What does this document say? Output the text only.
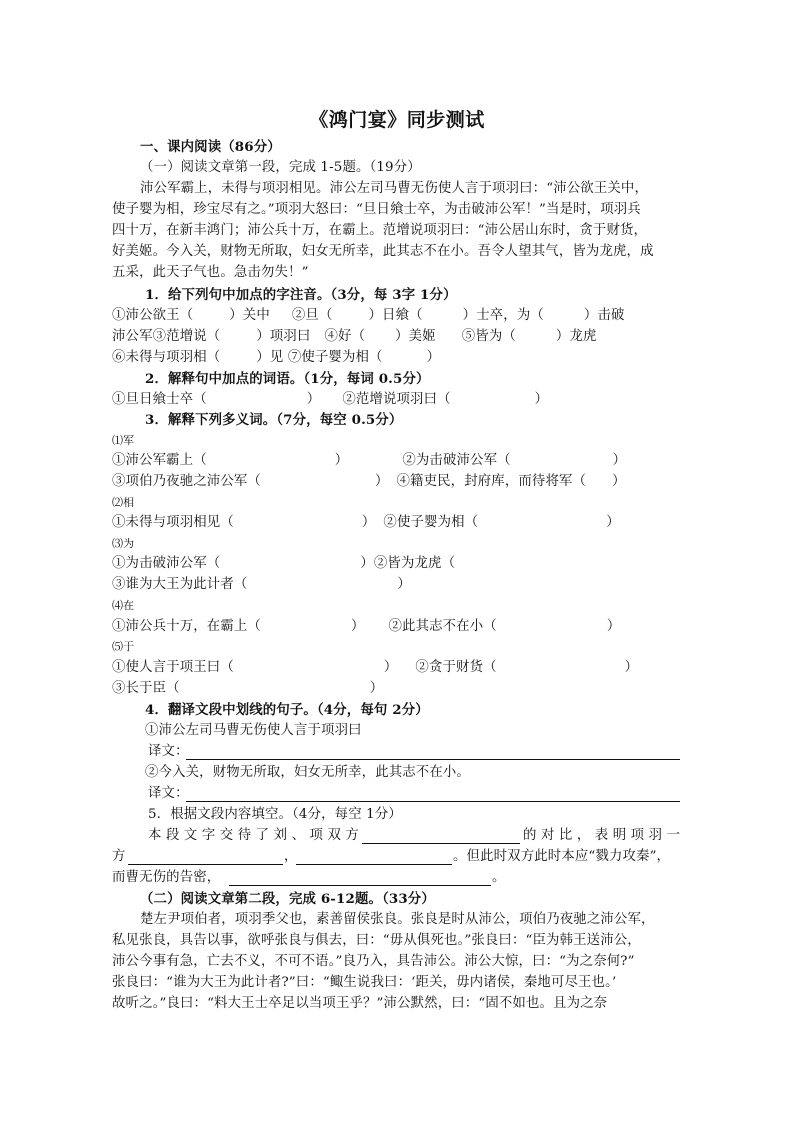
《鸿门宴》同步测试
一、课内阅读（86分）
（一）阅读文章第一段，完成 1-5题。（19分）
沛公军霸上，未得与项羽相见。沛公左司马曹无伤使人言于项羽曰：“沛公欲王关中，
使子婴为相，珍宝尽有之。”项羽大怒曰：“旦日飨士卒，为击破沛公军！”当是时，项羽兵
四十万，在新丰鸿门；沛公兵十万，在霸上。范增说项羽曰：“沛公居山东时，贪于财货，
好美姬。今入关，财物无所取，妇女无所幸，此其志不在小。吾令人望其气，皆为龙虎，成
五采，此天子气也。急击勿失！”
1．给下列句中加点的字注音。（3分，每 3字 1分）
①沛公欲王（	）关中 ②旦（	）日飨（	）士卒，为（	）击破
沛公军③范增说（	）项羽曰 ④好（ ）美姬 ⑤皆为（	）龙虎
⑥未得与项羽相（	）见 ⑦使子婴为相（	）
2．解释句中加点的词语。（1分，每词 0.5分）
①旦日飨士卒（	） ②范增说项羽曰（	）
3．解释下列多义词。（7分，每空 0.5分）
⑴军
①沛公军霸上（	）	②为击破沛公军（	）
③项伯乃夜驰之沛公军（	） ④籍吏民，封府库，而待将军（ ）
⑵相
①未得与项羽相见（	） ②使子婴为相（	）
⑶为
①为击破沛公军（	）②皆为龙虎（
③谁为大王为此计者（	）
⑷在
①沛公兵十万，在霸上（	） ②此其志不在小（	）
⑸于
①使人言于项王曰（	） ②贪于财货（	）
③长于臣（	）
4．翻译文段中划线的句子。（4分，每句 2分）
①沛公左司马曹无伤使人言于项羽曰
译文：
②今入关，财物无所取，妇女无所幸，此其志不在小。
译文：
5．根据文段内容填空。（4分，每空 1分）
本 段 文 字 交 待 了 刘 、 项 双 方	的 对 比 ， 表 明 项 羽 一
方	，	。但此时双方此时本应“戮力攻秦”，
而曹无伤的告密，	。
（二）阅读文章第二段，完成 6-12题。（33分）
楚左尹项伯者，项羽季父也，素善留侯张良。张良是时从沛公，项伯乃夜驰之沛公军，
私见张良，具告以事，欲呼张良与俱去，曰：“毋从俱死也。”张良曰：“臣为韩王送沛公，
沛公今事有急，亡去不义，不可不语。”良乃入，具告沛公。沛公大惊，曰：“为之奈何?”
张良曰：“谁为大王为此计者?”曰：“鲰生说我曰：‘距关，毋内诸侯，秦地可尽王也。’
故听之。”良曰：“料大王士卒足以当项王乎？”沛公默然，曰：“固不如也。且为之奈
